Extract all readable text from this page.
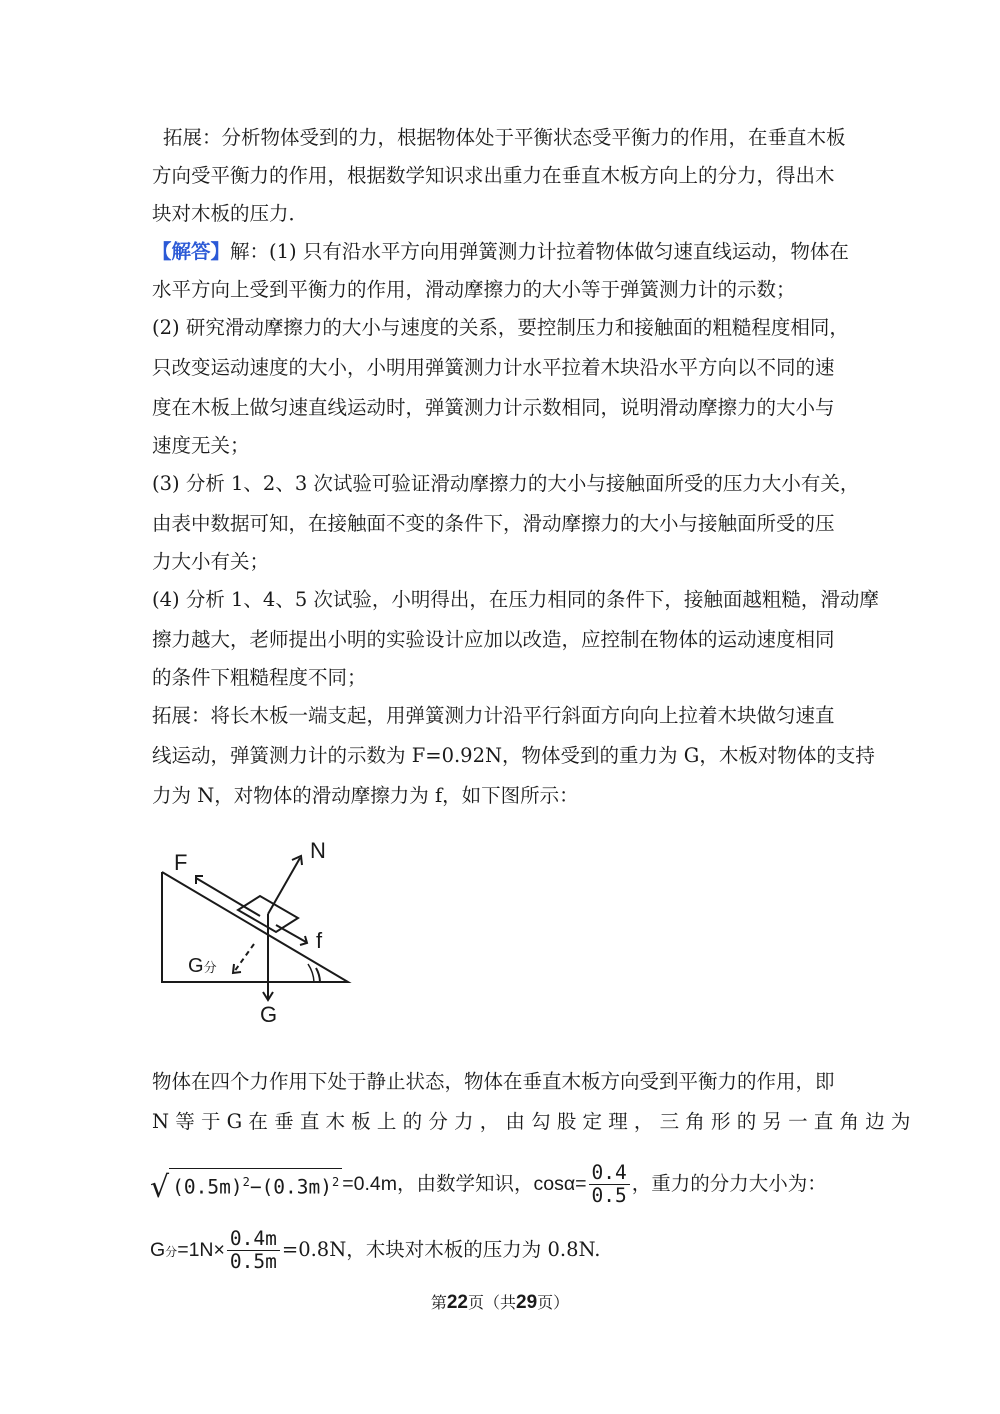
拓展：分析物体受到的力，根据物体处于平衡状态受平衡力的作用，在垂直木板
方向受平衡力的作用，根据数学知识求出重力在垂直木板方向上的分力，得出木
块对木板的压力．
【解答】解：(1) 只有沿水平方向用弹簧测力计拉着物体做匀速直线运动，物体在
水平方向上受到平衡力的作用，滑动摩擦力的大小等于弹簧测力计的示数；
(2) 研究滑动摩擦力的大小与速度的关系，要控制压力和接触面的粗糙程度相同，
只改变运动速度的大小，小明用弹簧测力计水平拉着木块沿水平方向以不同的速
度在木板上做匀速直线运动时，弹簧测力计示数相同，说明滑动摩擦力的大小与
速度无关；
(3) 分析 1、2、3 次试验可验证滑动摩擦力的大小与接触面所受的压力大小有关，
由表中数据可知，在接触面不变的条件下，滑动摩擦力的大小与接触面所受的压
力大小有关；
(4) 分析 1、4、5 次试验，小明得出，在压力相同的条件下，接触面越粗糙，滑动摩
擦力越大，老师提出小明的实验设计应加以改造，应控制在物体的运动速度相同
的条件下粗糙程度不同；
拓展：将长木板一端支起，用弹簧测力计沿平行斜面方向向上拉着木块做匀速直
线运动，弹簧测力计的示数为 F=0.92N，物体受到的重力为 G，木板对物体的支持
力为 N，对物体的滑动摩擦力为 f，如下图所示：
F	N
f
G
G分
物体在四个力作用下处于静止状态，物体在垂直木板方向受到平衡力的作用，即
N 等 于 G 在 垂 直 木 板 上 的 分 力 ， 由 勾 股 定 理 ， 三 角 形 的 另 一 直 角 边 为
√ $(0.5m)^2-(0.3m)^2 =0.4m$，由数学知识，$\cos\alpha= \frac{0.4}{0.5}$ ，重力的分力大小为：
G分$=1N\times \frac{0.4m}{0.5m} =0.8N$，木块对木板的压力为 0.8N.
第22页（共29页）
